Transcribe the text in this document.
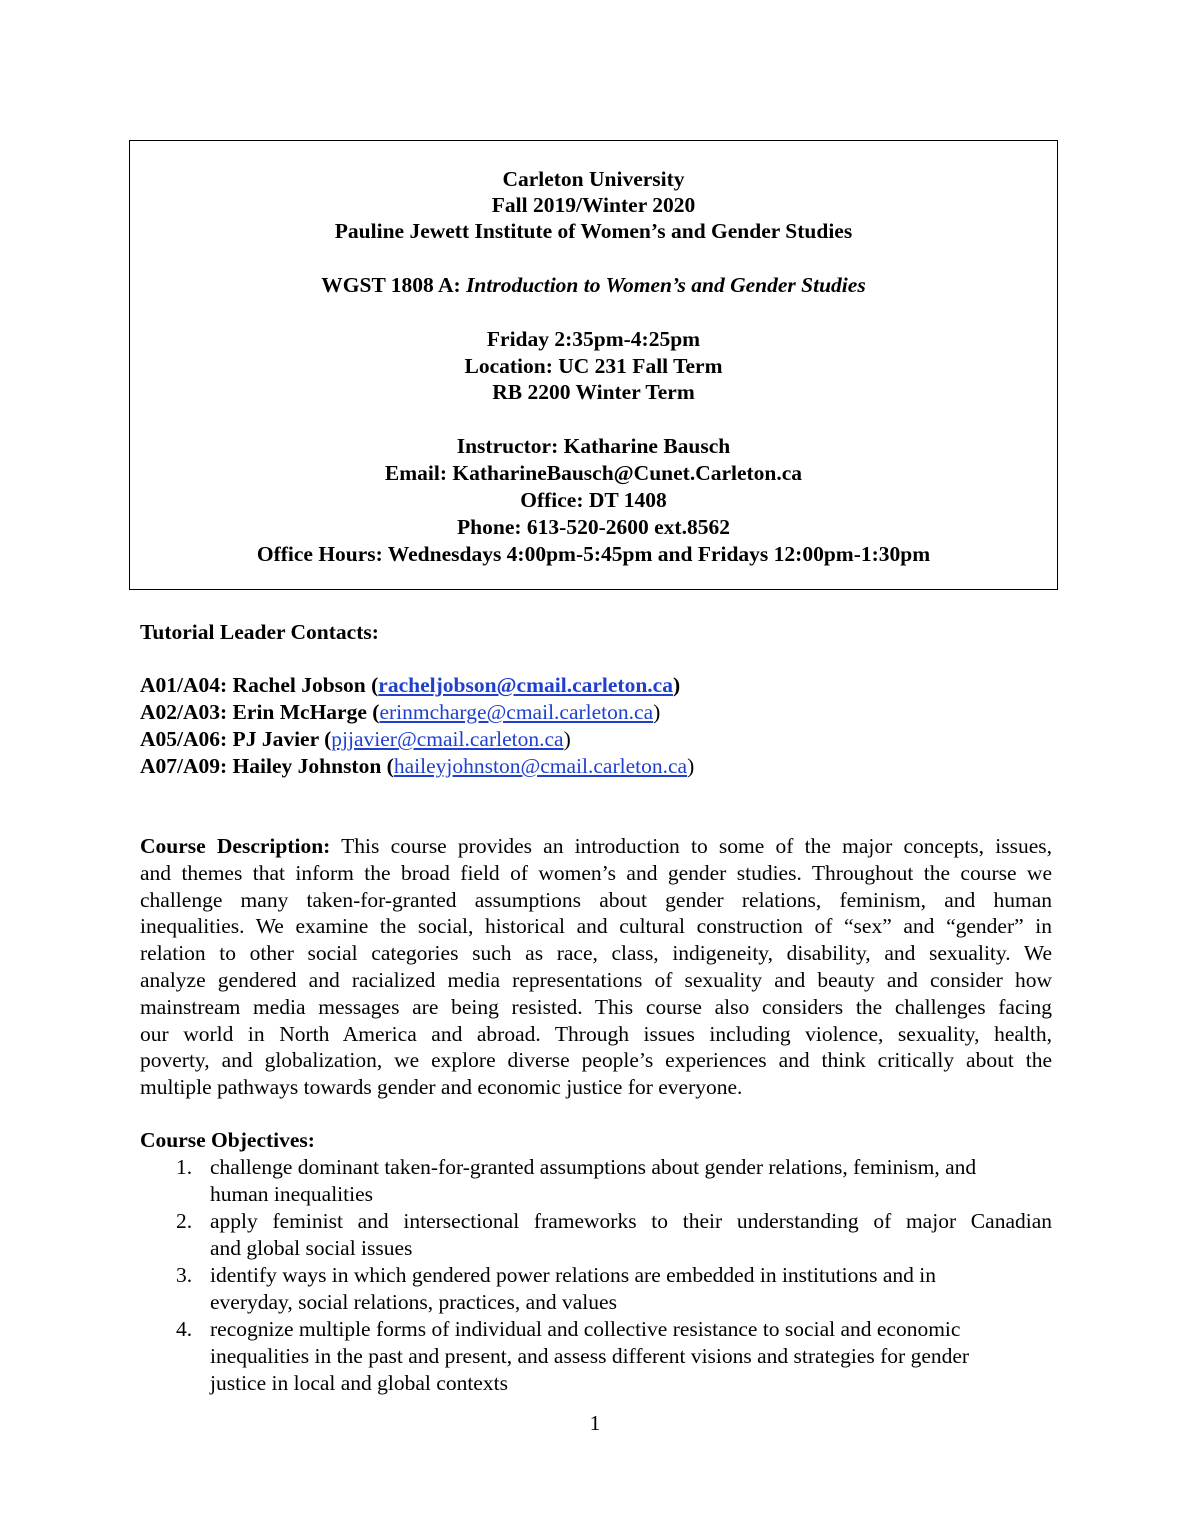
Carleton University
Fall 2019/Winter 2020
Pauline Jewett Institute of Women’s and Gender Studies
WGST 1808 A: Introduction to Women’s and Gender Studies
Friday 2:35pm-4:25pm
Location: UC 231 Fall Term
RB 2200 Winter Term
Instructor: Katharine Bausch
Email: KatharineBausch@Cunet.Carleton.ca
Office: DT 1408
Phone: 613-520-2600 ext.8562
Office Hours: Wednesdays 4:00pm-5:45pm and Fridays 12:00pm-1:30pm
Tutorial Leader Contacts:
A01/A04: Rachel Jobson (racheljobson@cmail.carleton.ca)
A02/A03: Erin McHarge (erinmcharge@cmail.carleton.ca)
A05/A06: PJ Javier (pjjavier@cmail.carleton.ca)
A07/A09: Hailey Johnston (haileyjohnston@cmail.carleton.ca)
Course Description: This course provides an introduction to some of the major concepts, issues,
and themes that inform the broad field of women’s and gender studies. Throughout the course we
challenge many taken-for-granted assumptions about gender relations, feminism, and human
inequalities. We examine the social, historical and cultural construction of “sex” and “gender” in
relation to other social categories such as race, class, indigeneity, disability, and sexuality. We
analyze gendered and racialized media representations of sexuality and beauty and consider how
mainstream media messages are being resisted. This course also considers the challenges facing
our world in North America and abroad. Through issues including violence, sexuality, health,
poverty, and globalization, we explore diverse people’s experiences and think critically about the
multiple pathways towards gender and economic justice for everyone.
Course Objectives:
1. challenge dominant taken-for-granted assumptions about gender relations, feminism, and
human inequalities
2. apply feminist and intersectional frameworks to their understanding of major Canadian
and global social issues
3. identify ways in which gendered power relations are embedded in institutions and in
everyday, social relations, practices, and values
4. recognize multiple forms of individual and collective resistance to social and economic
inequalities in the past and present, and assess different visions and strategies for gender
justice in local and global contexts
1
